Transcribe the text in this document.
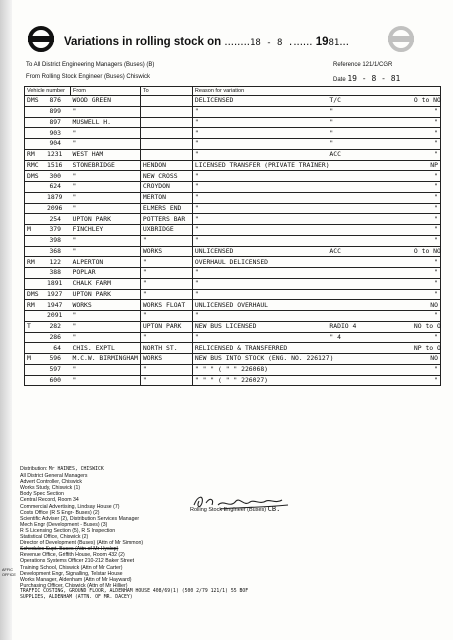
Variations in rolling stock on ........18 - 8 ....... 1981...
To All District Engineering Managers (Buses) (B)
From Rolling Stock Engineer (Buses) Chiswick
Reference 121/1/CGR
Date 19 - 8 - 81
Vehicle number	From	To	Reason for variation
DMS 876	WOOD GREEN		DELICENSED T/C O to NO

899	"		" " "

897	MUSWELL H.		" " "

903	"		" " "

904	"		" " "

RM 1231	WEST HAM		" ACC "

RMC 1516	STONEBRIDGE	HENDON	LICENSED TRANSFER (PRIVATE TRAINER) NP

DMS 300	"	NEW CROSS	" "

624	"	CROYDON	" "

1879	"	MERTON	" "

2096	"	ELMERS END	" "

254	UPTON PARK	POTTERS BAR	" "

M 379	FINCHLEY	UXBRIDGE	" "

398	"	"	" "

368	"	WORKS	UNLICENSED ACC O to NO

RM 122	ALPERTON	"	OVERHAUL DELICENSED "

388	POPLAR	"	" "

1891	CHALK FARM	"	" "

DMS 1927	UPTON PARK	"	" "

RM 1947	WORKS	WORKS FLOAT	UNLICENSED OVERHAUL NO

2091	"	"	" "

T 282	"	UPTON PARK	NEW BUS LICENSED RADIO 4 NO to O

286	"	"	" " 4 "

64	CHIS. EXPTL	NORTH ST.	RELICENSED & TRANSFERRED NP to O

M 596	M.C.W. BIRMINGHAM	WORKS	NEW BUS INTO STOCK (ENG. NO. 226127) NO

597	"	"	" " " ( " " 226068) "

600	"	"	" " " ( " " 226027) "
Distribution: Mr HAINES, CHISWICK
All District General Managers
Advert Controller, Chiswick
Works Study, Chiswick (1)
Body Spec Section
Central Record, Room 34
Commercial Advertising, Lindsay House (7)
Costs Office (R S Engr- Buses) (2)
Scientific Adviser (2), Distribution Services Manager
Mech Engr (Development - Buses) (3)
R S Licensing Section (5), R S Inspection
Statistical Office, Chiswick (2)
Director of Development (Buses) (Attn of Mr Simmon)
Schedules Supt. Buses (Attn of Mr Hyslop)
Revenue Office, Griffith House, Room 432 (2)
Operations Systems Officer 210-212 Baker Street
Training School, Chiswick (Attn of Mr Carter)
Development Engr, Signalling, Telstar House
Works Manager, Aldenham (Attn of Mr Hayward)
Purchasing Officer, Chiswick (Attn of Mr Hillier)
TRAFFIC COSTING, GROUND FLOOR, ALDENHAM HOUSE 408/69(1) (500 2/79 121/1) 55 BOF
SUPPLIES, ALDENHAM (ATTN. OF MR. DACEY)
AFFIC
OFFICE
Rolling Stock Engineer (Buses) CB.
